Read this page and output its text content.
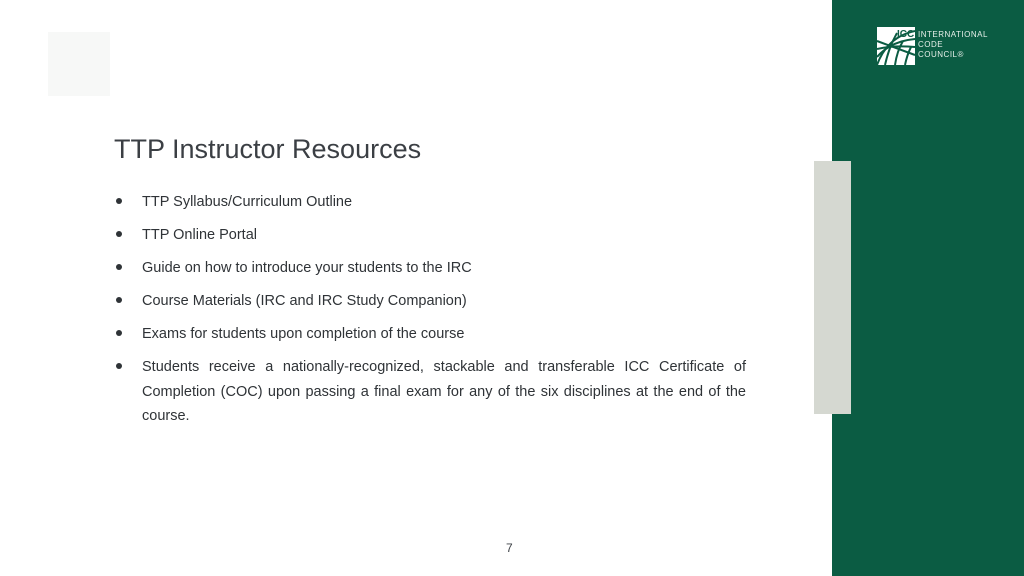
ICC INTERNATIONAL
CODE
COUNCIL®
TTP Instructor Resources
TTP Syllabus/Curriculum Outline
TTP Online Portal
Guide on how to introduce your students to the IRC
Course Materials (IRC and IRC Study Companion)
Exams for students upon completion of the course
Students receive a nationally-recognized, stackable and transferable ICC Certificate of Completion (COC) upon passing a final exam for any of the six disciplines at the end of the course.
7
